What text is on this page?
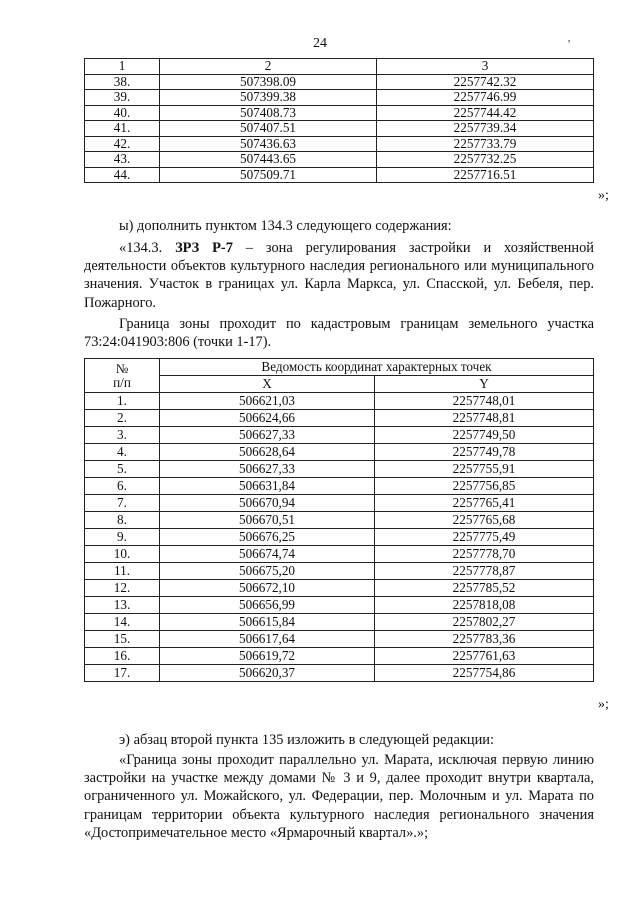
24	‚
1	2	3
38.	507398.09	2257742.32
39.	507399.38	2257746.99
40.	507408.73	2257744.42
41.	507407.51	2257739.34
42.	507436.63	2257733.79
43.	507443.65	2257732.25
44.	507509.71	2257716.51
»;

ы) дополнить пунктом 134.3 следующего содержания:

«134.3. ЗРЗ Р-7 – зона регулирования застройки и хозяйственной деятельности объектов культурного наследия регионального или муниципального значения. Участок в границах ул. Карла Маркса, ул. Спасской, ул. Бебеля, пер. Пожарного.

Граница зоны проходит по кадастровым границам земельного участка 73:24:041903:806 (точки 1-17).

№
п/п	Ведомость координат характерных точек	
	X	Y
1.	506621,03	2257748,01
2.	506624,66	2257748,81
3.	506627,33	2257749,50
4.	506628,64	2257749,78
5.	506627,33	2257755,91
6.	506631,84	2257756,85
7.	506670,94	2257765,41
8.	506670,51	2257765,68
9.	506676,25	2257775,49
10.	506674,74	2257778,70
11.	506675,20	2257778,87
12.	506672,10	2257785,52
13.	506656,99	2257818,08
14.	506615,84	2257802,27
15.	506617,64	2257783,36
16.	506619,72	2257761,63
17.	506620,37	2257754,86
»;

э) абзац второй пункта 135 изложить в следующей редакции:

«Граница зоны проходит параллельно ул. Марата, исключая первую линию застройки на участке между домами № 3 и 9, далее проходит внутри квартала, ограниченного ул. Можайского, ул. Федерации, пер. Молочным и ул. Марата по границам территории объекта культурного наследия регионального значения «Достопримечательное место «Ярмарочный квартал».»;
